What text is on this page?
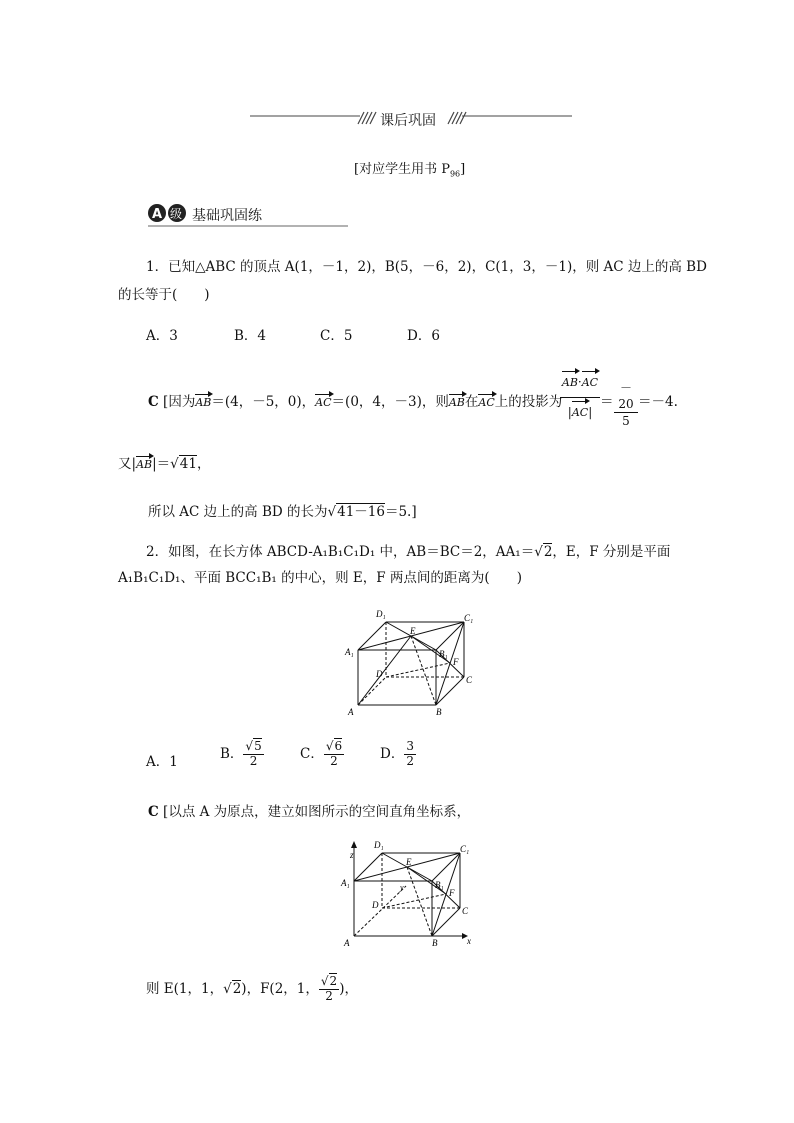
课后巩固
[对应学生用书 $P_{96}$]
A 级 基础巩固练
1．已知△ABC 的顶点 A(1，－1，2)，B(5，－6，2)，C(1，3，－1)，则 AC 边上的高 BD
的长等于(　　)
A．3	B．4	C．5	D．6
C [因为AB＝(4，－5，0)，AC＝(0，4，－3)，则AB在AC上的投影为
$\frac{AB\cdot AC}{|AC|} = \frac{-20}{5} =-4$.
又|AB|＝√41，
所以 AC 边上的高 BD 的长为√41－16＝5.]
2．如图，在长方体 ABCD-A₁B₁C₁D₁ 中，AB＝BC＝2，AA₁＝√2，E，F 分别是平面
A₁B₁C₁D₁、平面 BCC₁B₁ 的中心，则 E，F 两点间的距离为(　　)
A	B
C
D
A₁	B₁
C₁
D₁
E
F
A．1
B． $\frac{√5}{2}$	C． $\frac{√6}{2}$	D． $\frac{3}{2}$
C [以点 A 为原点，建立如图所示的空间直角坐标系，
z
x
y
A	B
C
D
A₁	B₁
C₁
D₁
E
F
则 E(1，1，√2)，F(2，1， $\frac{√2}{2}$ )，
